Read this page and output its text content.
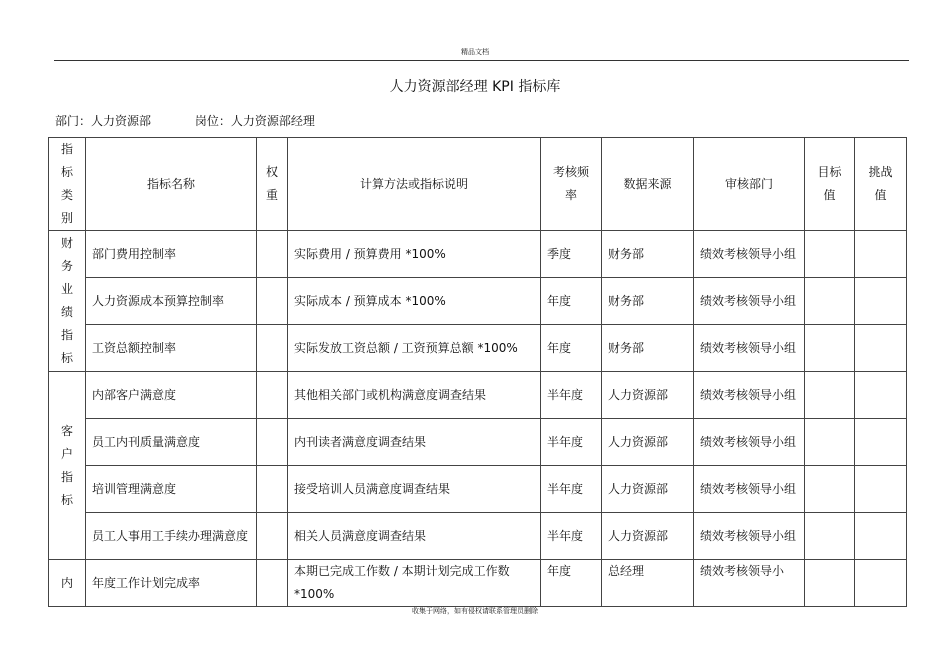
精品文档
人力资源部经理 KPI 指标库
部门：人力资源部	岗位：人力资源部经理
指标类别	指标名称	权重	计算方法或指标说明	考核频率	数据来源	审核部门	目标值	挑战值
财务业绩指标	部门费用控制率		实际费用 / 预算费用 *100%	季度	财务部	绩效考核领导小组		
	人力资源成本预算控制率		实际成本 / 预算成本 *100%	年度	财务部	绩效考核领导小组		
	工资总额控制率		实际发放工资总额 / 工资预算总额 *100%	年度	财务部	绩效考核领导小组		
客户指标	内部客户满意度		其他相关部门或机构满意度调查结果	半年度	人力资源部	绩效考核领导小组		
	员工内刊质量满意度		内刊读者满意度调查结果	半年度	人力资源部	绩效考核领导小组		
	培训管理满意度		接受培训人员满意度调查结果	半年度	人力资源部	绩效考核领导小组		
	员工人事用工手续办理满意度		相关人员满意度调查结果	半年度	人力资源部	绩效考核领导小组		
内	年度工作计划完成率		本期已完成工作数 / 本期计划完成工作数 *100%	年度	总经理	绩效考核领导小		
收集于网络，如有侵权请联系管理员删除
